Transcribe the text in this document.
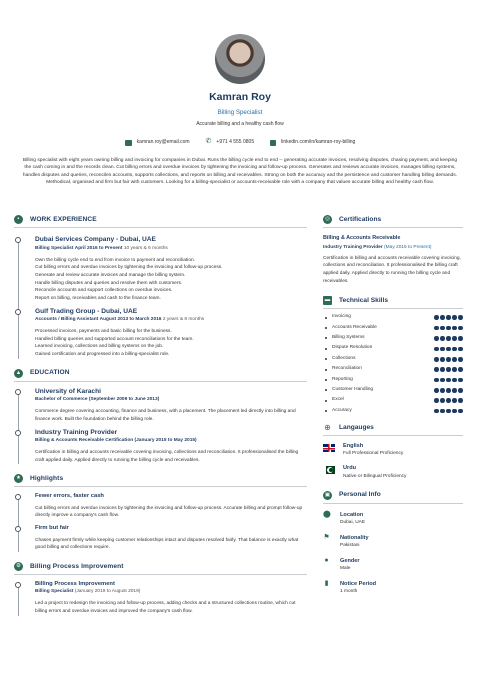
Kamran Roy
Billing Specialist
Accurate billing and a healthy cash flow
kamran.roy@email.com ✆ +971 4 555 0805	linkedin.com/in/kamran-roy-billing
Billing specialist with eight years owning billing and invoicing for companies in Dubai. Runs the billing cycle end to end -- generating accurate invoices, resolving disputes, chasing payment, and keeping the cash coming in and the records clean. Cut billing errors and overdue invoices by tightening the invoicing and follow-up process. Generates and reviews accurate invoices, manages billing systems, handles disputes and queries, reconciles accounts, supports collections, and reports on billing and receivables. Strong on both the accuracy and the persistence and customer handling billing demands. Methodical, organised and firm but fair with customers. Looking for a billing-specialist or accounts-receivable role with a company that values accurate billing and healthy cash flow.
▪	WORK EXPERIENCE
Dubai Services Company - Dubai, UAE
Billing Specialist April 2016 to Present 10 years & 6 months

Own the billing cycle end to end from invoice to payment and reconciliation.

Cut billing errors and overdue invoices by tightening the invoicing and follow-up process.

Generate and review accurate invoices and manage the billing system.

Handle billing disputes and queries and resolve them with customers.

Reconcile accounts and support collections on overdue invoices.

Report on billing, receivables and cash to the finance team.

Gulf Trading Group - Dubai, UAE
Accounts / Billing Assistant August 2013 to March 2016 2 years & 8 months

Processed invoices, payments and basic billing for the business.

Handled billing queries and supported account reconciliations for the team.

Learned invoicing, collections and billing systems on the job.

Gained certification and progressed into a billing-specialist role.

▲ EDUCATION
University of Karachi
Bachelor of Commerce (September 2009 to June 2013)
Commerce degree covering accounting, finance and business, with a placement. The placement led directly into billing and finance work. Built the foundation behind the billing role.
Industry Training Provider
Billing & Accounts Receivable Certification (January 2015 to May 2015)
Certification in billing and accounts receivable covering invoicing, collections and reconciliation. It professionalised the billing craft applied daily. Applied directly to running the billing cycle and receivables.
★	Highlights
Fewer errors, faster cash
Cut billing errors and overdue invoices by tightening the invoicing and follow-up process. Accurate billing and prompt follow-up directly improve a company's cash flow.
Firm but fair
Chases payment firmly while keeping customer relationships intact and disputes resolved fairly. That balance is exactly what good billing and collections require.
⚙	Billing Process Improvement
Billing Process Improvement
Billing Specialist (January 2019 to August 2019)
Led a project to redesign the invoicing and follow-up process, adding checks and a structured collections routine, which cut billing errors and overdue invoices and improved the company's cash flow.
◎	Certifications
Billing & Accounts Receivable
Industry Training Provider (May 2015 to Present)
Certification in billing and accounts receivable covering invoicing, collections and reconciliation. It professionalised the billing craft applied daily. Applied directly to running the billing cycle and receivables.
▬ Technical Skills
Invoicing
Accounts Receivable
Billing Systems
Dispute Resolution
Collections
Reconciliation
Reporting
Customer Handling
Excel
Accuracy
⊕ Langauges
English
Full Professional Proficiency
Urdu
Native or Bilingual Proficiency
▣ Personal Info
⬤ Location
Dubai, UAE
⚑ Nationality
Pakistani
● Gender
Male
▮ Notice Period
1 month
